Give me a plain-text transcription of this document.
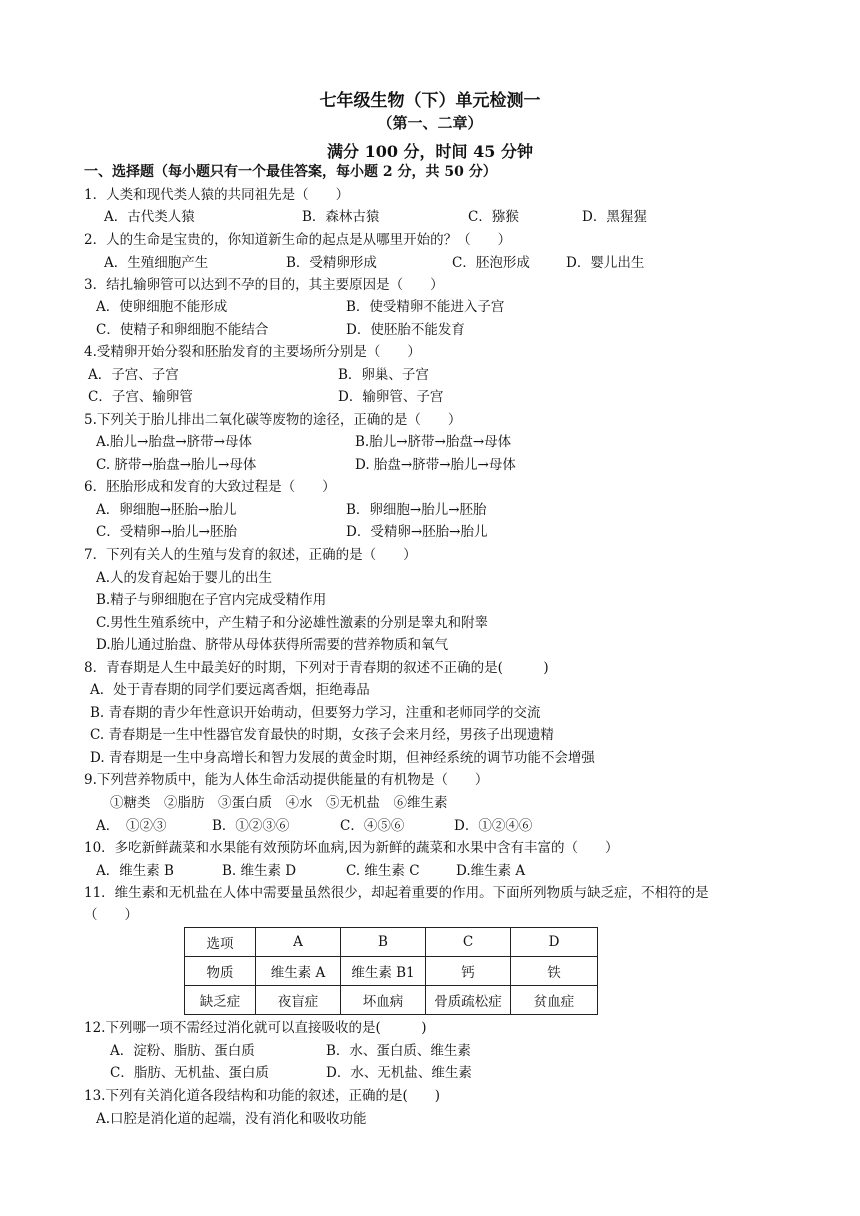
七年级生物（下）单元检测一
（第一、二章）
满分 100 分，时间 45 分钟
一、选择题（每小题只有一个最佳答案，每小题 2 分，共 50 分）
1．人类和现代类人猿的共同祖先是（　　）
A．古代类人猿	B．森林古猿	C．猕猴	D．黑猩猩
2．人的生命是宝贵的，你知道新生命的起点是从哪里开始的？（　　）
A．生殖细胞产生	B．受精卵形成	C．胚泡形成	D．婴儿出生
3．结扎输卵管可以达到不孕的目的，其主要原因是（　　）
A．使卵细胞不能形成	B．使受精卵不能进入子宫
C．使精子和卵细胞不能结合	D．使胚胎不能发育
4.受精卵开始分裂和胚胎发育的主要场所分别是（　　）
A．子宫、子宫	B．卵巢、子宫
C．子宫、输卵管	D．输卵管、子宫
5.下列关于胎儿排出二氧化碳等废物的途径，正确的是（　　）
A.胎儿→胎盘→脐带→母体	B.胎儿→脐带→胎盘→母体
C. 脐带→胎盘→胎儿→母体	D. 胎盘→脐带→胎儿→母体
6．胚胎形成和发育的大致过程是（　　）
A．卵细胞→胚胎→胎儿	B．卵细胞→胎儿→胚胎
C．受精卵→胎儿→胚胎	D．受精卵→胚胎→胎儿
7．下列有关人的生殖与发育的叙述，正确的是（　　）
A.人的发育起始于婴儿的出生
B.精子与卵细胞在子宫内完成受精作用
C.男性生殖系统中，产生精子和分泌雄性激素的分别是睾丸和附睾
D.胎儿通过胎盘、脐带从母体获得所需要的营养物质和氧气
8．青春期是人生中最美好的时期，下列对于青春期的叙述不正确的是(　　　)
A．处于青春期的同学们要远离香烟，拒绝毒品
B. 青春期的青少年性意识开始萌动，但要努力学习，注重和老师同学的交流
C. 青春期是一生中性器官发育最快的时期，女孩子会来月经，男孩子出现遗精
D. 青春期是一生中身高增长和智力发展的黄金时期，但神经系统的调节功能不会增强
9.下列营养物质中，能为人体生命活动提供能量的有机物是（　　）
①糖类　②脂肪　③蛋白质　④水　⑤无机盐　⑥维生素
A．　①②③	B．①②③⑥	C．④⑤⑥	D．①②④⑥
10．多吃新鲜蔬菜和水果能有效预防坏血病,因为新鲜的蔬菜和水果中含有丰富的（　　）
A．维生素 B	B. 维生素 D	C. 维生素 C	D.维生素 A
11．维生素和无机盐在人体中需要量虽然很少，却起着重要的作用。下面所列物质与缺乏症，不相符的是
（　　）
选项	A	B	C	D
物质	维生素 A	维生素 B1	钙	铁
缺乏症	夜盲症	坏血病	骨质疏松症	贫血症
12.下列哪一项不需经过消化就可以直接吸收的是(　　　)
A．淀粉、脂肪、蛋白质	B．水、蛋白质、维生素
C．脂肪、无机盐、蛋白质	D．水、无机盐、维生素
13.下列有关消化道各段结构和功能的叙述，正确的是(　　)
A.口腔是消化道的起端，没有消化和吸收功能
